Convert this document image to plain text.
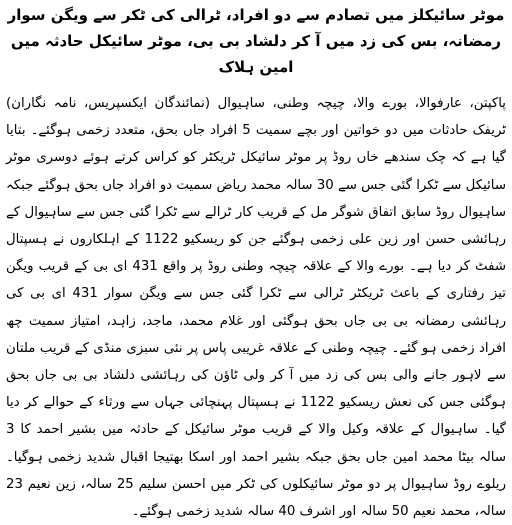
موٹر سائیکلز میں تصادم سے دو افراد، ٹرالی کی ٹکر سے ویگن سوار رمضانہ، بس کی زد میں آ کر دلشاد بی بی، موٹر سائیکل حادثہ میں امین ہلاک

پاکپتن، عارفوالا، بورے والا، چیچہ وطنی، ساہیوال (نمائندگان ایکسپریس، نامہ نگاران) ٹریفک حادثات میں دو خواتین اور بچے سمیت 5 افراد جاں بحق، متعدد زخمی ہوگئے۔ بتایا گیا ہے کہ چک سندھے خاں روڈ پر موٹر سائیکل ٹریکٹر کو کراس کرتے ہوئے دوسری موٹر سائیکل سے ٹکرا گئی جس سے 30 سالہ محمد ریاض سمیت دو افراد جاں بحق ہوگئے جبکہ ساہیوال روڈ سابق اتفاق شوگر مل کے قریب کار ٹرالے سے ٹکرا گئی جس سے ساہیوال کے رہائشی حسن اور زین علی زخمی ہوگئے جن کو ریسکیو 1122 کے اہلکاروں نے ہسپتال شفٹ کر دیا ہے۔ بورے والا کے علاقہ چیچہ وطنی روڈ پر واقع 431 ای بی کے قریب ویگن تیز رفتاری کے باعث ٹریکٹر ٹرالی سے ٹکرا گئی جس سے ویگن سوار 431 ای بی کی رہائشی رمضانہ بی بی جاں بحق ہوگئی اور غلام محمد، ماجد، زاہد، امتیاز سمیت چھ افراد زخمی ہو گئے۔ چیچہ وطنی کے علاقہ غریبی پاس پر نئی سبزی منڈی کے قریب ملتان سے لاہور جانے والی بس کی زد میں آ کر ولی ٹاؤن کی رہائشی دلشاد بی بی جاں بحق ہوگئی جس کی نعش ریسکیو 1122 نے ہسپتال پہنچائی جہاں سے ورثاء کے حوالے کر دیا گیا۔ ساہیوال کے علاقہ وکیل والا کے قریب موٹر سائیکل کے حادثہ میں بشیر احمد کا 3 سالہ بیٹا محمد امین جاں بحق جبکہ بشیر احمد اور اسکا بھتیجا اقبال شدید زخمی ہوگیا۔ ریلوے روڈ ساہیوال پر دو موٹر سائیکلوں کی ٹکر میں احسن سلیم 25 سالہ، زین نعیم 23 سالہ، محمد نعیم 50 سالہ اور اشرف 40 سالہ شدید زخمی ہوگئے۔
